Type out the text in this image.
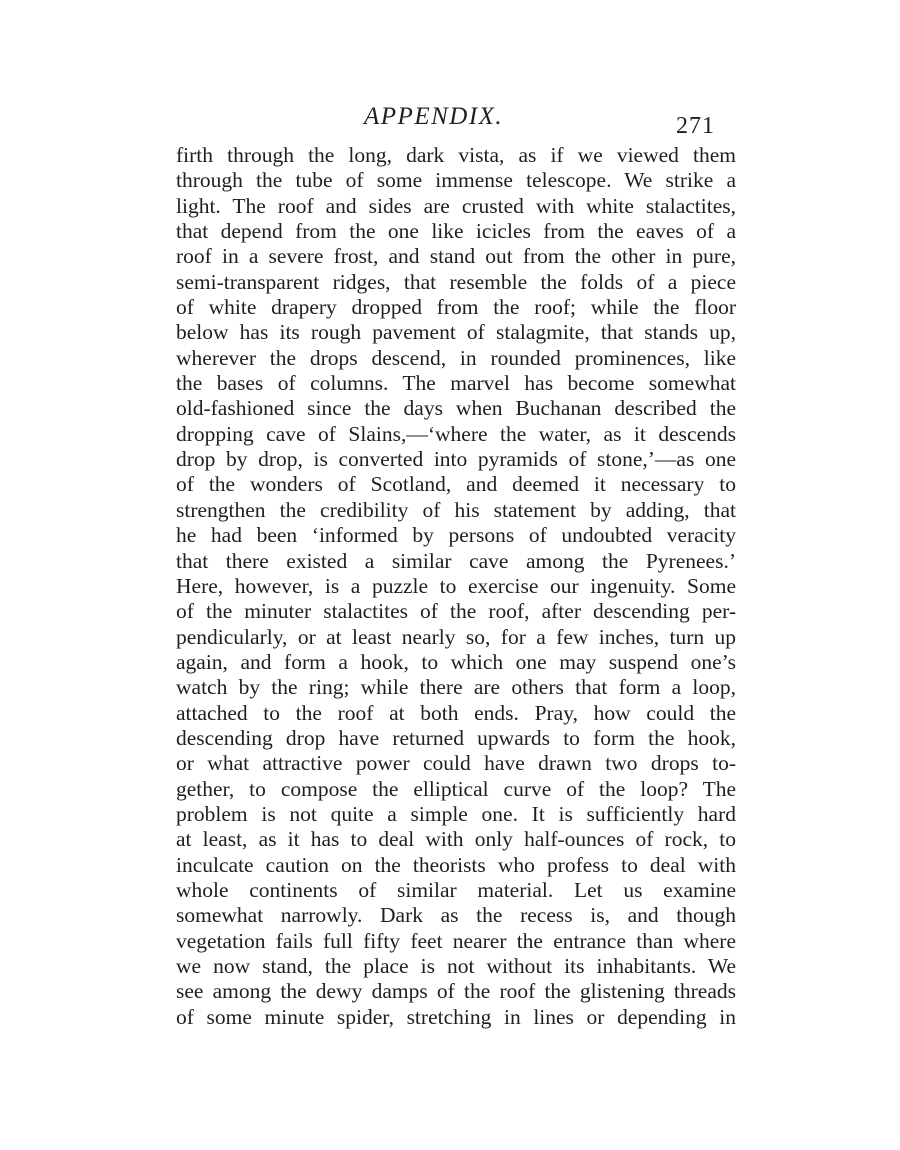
APPENDIX.	271
firth through the long, dark vista, as if we viewed them
through the tube of some immense telescope. We strike a
light. The roof and sides are crusted with white stalactites,
that depend from the one like icicles from the eaves of a
roof in a severe frost, and stand out from the other in pure,
semi-transparent ridges, that resemble the folds of a piece
of white drapery dropped from the roof; while the floor
below has its rough pavement of stalagmite, that stands up,
wherever the drops descend, in rounded prominences, like
the bases of columns. The marvel has become somewhat
old-fashioned since the days when Buchanan described the
dropping cave of Slains,—‘where the water, as it descends
drop by drop, is converted into pyramids of stone,’—as one
of the wonders of Scotland, and deemed it necessary to
strengthen the credibility of his statement by adding, that
he had been ‘informed by persons of undoubted veracity
that there existed a similar cave among the Pyrenees.’
Here, however, is a puzzle to exercise our ingenuity. Some
of the minuter stalactites of the roof, after descending per-
pendicularly, or at least nearly so, for a few inches, turn up
again, and form a hook, to which one may suspend one’s
watch by the ring; while there are others that form a loop,
attached to the roof at both ends. Pray, how could the
descending drop have returned upwards to form the hook,
or what attractive power could have drawn two drops to-
gether, to compose the elliptical curve of the loop? The
problem is not quite a simple one. It is sufficiently hard
at least, as it has to deal with only half-ounces of rock, to
inculcate caution on the theorists who profess to deal with
whole continents of similar material. Let us examine
somewhat narrowly. Dark as the recess is, and though
vegetation fails full fifty feet nearer the entrance than where
we now stand, the place is not without its inhabitants. We
see among the dewy damps of the roof the glistening threads
of some minute spider, stretching in lines or depending in
